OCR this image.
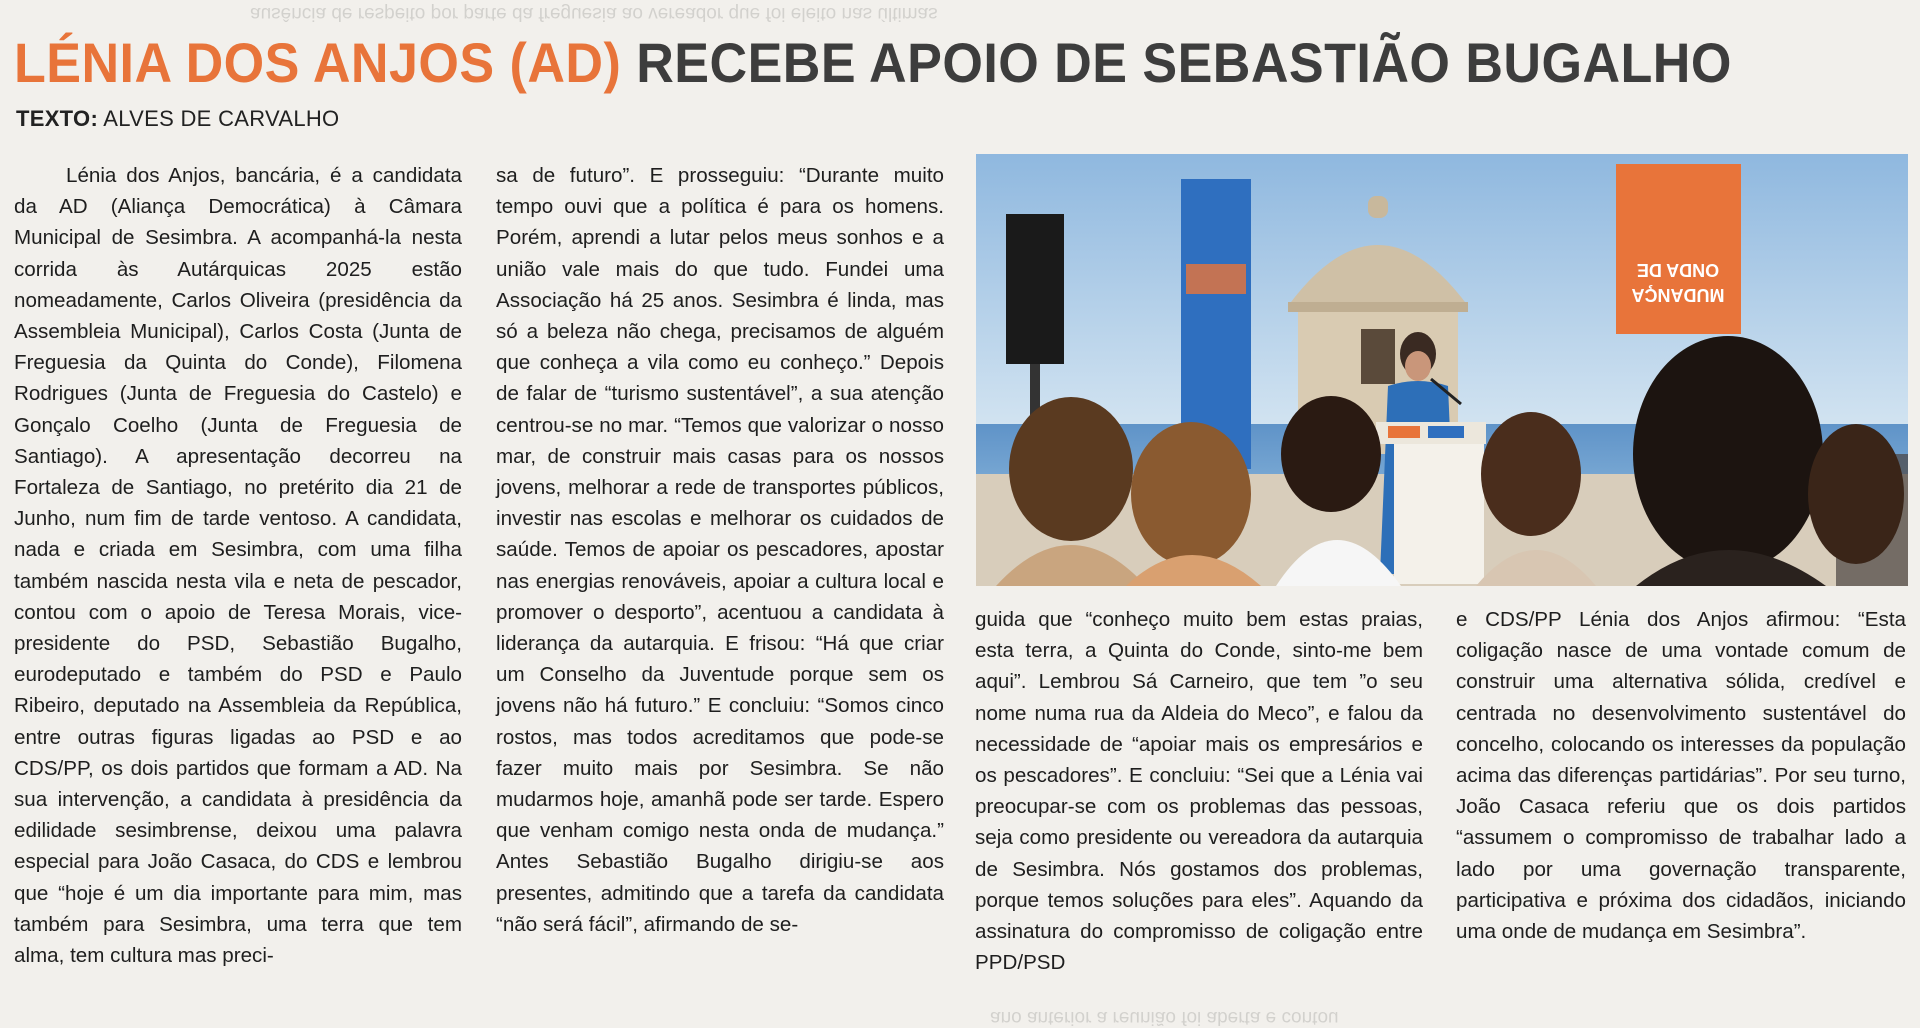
ausência de respeito por parte da freguesia ao vereador que foi eleito nas últimas
ano anterior a reunião foi aberta e contou
LÉNIA DOS ANJOS (AD) RECEBE APOIO DE SEBASTIÃO BUGALHO
TEXTO: ALVES DE CARVALHO

Lénia dos Anjos, bancária, é a candidata da AD (Aliança Democrática) à Câmara Municipal de Sesimbra. A acompanhá-la nesta corrida às Autárquicas 2025 estão nomeadamente, Carlos Oliveira (presidência da Assembleia Municipal), Carlos Costa (Junta de Freguesia da Quinta do Conde), Filomena Rodrigues (Junta de Freguesia do Castelo) e Gonçalo Coelho (Junta de Freguesia de Santiago). A apresentação decorreu na Fortaleza de Santiago, no pretérito dia 21 de Junho, num fim de tarde ventoso. A candidata, nada e criada em Sesimbra, com uma filha também nascida nesta vila e neta de pescador, contou com o apoio de Teresa Morais, vice-presidente do PSD, Sebastião Bugalho, eurodeputado e também do PSD e Paulo Ribeiro, deputado na Assembleia da República, entre outras figuras ligadas ao PSD e ao CDS/PP, os dois partidos que formam a AD. Na sua intervenção, a candidata à presidência da edilidade sesimbrense, deixou uma palavra especial para João Casaca, do CDS e lembrou que “hoje é um dia importante para mim, mas também para Sesimbra, uma terra que tem alma, tem cultura mas preci-

sa de futuro”. E prosseguiu: “Durante muito tempo ouvi que a política é para os homens. Porém, aprendi a lutar pelos meus sonhos e a união vale mais do que tudo. Fundei uma Associação há 25 anos. Sesimbra é linda, mas só a beleza não chega, precisamos de alguém que conheça a vila como eu conheço.” Depois de falar de “turismo sustentável”, a sua atenção centrou-se no mar. “Temos que valorizar o nosso mar, de construir mais casas para os nossos jovens, melhorar a rede de transportes públicos, investir nas escolas e melhorar os cuidados de saúde. Temos de apoiar os pescadores, apostar nas energias renováveis, apoiar a cultura local e promover o desporto”, acentuou a candidata à liderança da autarquia. E frisou: “Há que criar um Conselho da Juventude porque sem os jovens não há futuro.” E concluiu: “Somos cinco rostos, mas todos acreditamos que pode-se fazer muito mais por Sesimbra. Se não mudarmos hoje, amanhã pode ser tarde. Espero que venham comigo nesta onda de mudança.” Antes Sebastião Bugalho dirigiu-se aos presentes, admitindo que a tarefa da candidata “não será fácil”, afirmando de se-

ONDA DE
MUDANÇA

guida que “conheço muito bem estas praias, esta terra, a Quinta do Conde, sinto-me bem aqui”. Lembrou Sá Carneiro, que tem ”o seu nome numa rua da Aldeia do Meco”, e falou da necessidade de “apoiar mais os empresários e os pescadores”. E concluiu: “Sei que a Lénia vai preocupar-se com os problemas das pessoas, seja como presidente ou vereadora da autarquia de Sesimbra. Nós gostamos dos problemas, porque temos soluções para eles”. Aquando da assinatura do compromisso de coligação entre PPD/PSD

e CDS/PP Lénia dos Anjos afirmou: “Esta coligação nasce de uma vontade comum de construir uma alternativa sólida, credível e centrada no desenvolvimento sustentável do concelho, colocando os interesses da população acima das diferenças partidárias”. Por seu turno, João Casaca referiu que os dois partidos “assumem o compromisso de trabalhar lado a lado por uma governação transparente, participativa e próxima dos cidadãos, iniciando uma onde de mudança em Sesimbra”.
